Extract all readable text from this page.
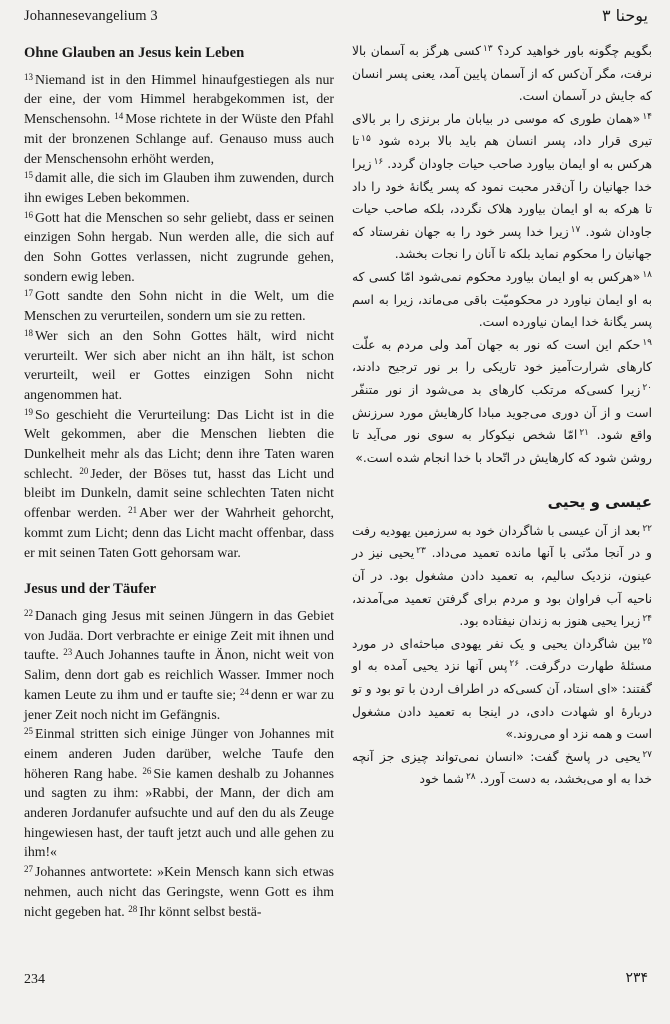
Johannesevangelium 3	یوحنا ۳
Ohne Glauben an Jesus kein Leben

$^{13}$ Niemand ist in den Himmel hinaufgestiegen als nur der eine, der vom Himmel herabgekommen ist, der Menschensohn. $^{14}$ Mose richtete in der Wüste den Pfahl mit der bronzenen Schlange auf. Genauso muss auch der Menschensohn erhöht werden,
$^{15}$ damit alle, die sich im Glauben ihm zuwenden, durch ihn ewiges Leben bekommen.
$^{16}$ Gott hat die Menschen so sehr geliebt, dass er seinen einzigen Sohn hergab. Nun werden alle, die sich auf den Sohn Gottes verlassen, nicht zugrunde gehen, sondern ewig leben.
$^{17}$ Gott sandte den Sohn nicht in die Welt, um die Menschen zu verurteilen, sondern um sie zu retten.
$^{18}$ Wer sich an den Sohn Gottes hält, wird nicht verurteilt. Wer sich aber nicht an ihn hält, ist schon verurteilt, weil er Gottes einzigen Sohn nicht angenommen hat.
$^{19}$ So geschieht die Verurteilung: Das Licht ist in die Welt gekommen, aber die Menschen liebten die Dunkelheit mehr als das Licht; denn ihre Taten waren schlecht. $^{20}$ Jeder, der Böses tut, hasst das Licht und bleibt im Dunkeln, damit seine schlechten Taten nicht offenbar werden. $^{21}$ Aber wer der Wahrheit gehorcht, kommt zum Licht; denn das Licht macht offenbar, dass er mit seinen Taten Gott gehorsam war.

Jesus und der Täufer

$^{22}$ Danach ging Jesus mit seinen Jüngern in das Gebiet von Judäa. Dort verbrachte er einige Zeit mit ihnen und taufte. $^{23}$ Auch Johannes taufte in Änon, nicht weit von Salim, denn dort gab es reichlich Wasser. Immer noch kamen Leute zu ihm und er taufte sie; $^{24}$ denn er war zu jener Zeit noch nicht im Gefängnis.
$^{25}$ Einmal stritten sich einige Jünger von Johannes mit einem anderen Juden darüber, welche Taufe den höheren Rang habe. $^{26}$ Sie kamen deshalb zu Johannes und sagten zu ihm: »Rabbi, der Mann, der dich am anderen Jordanufer aufsuchte und auf den du als Zeuge hingewiesen hast, der tauft jetzt auch und alle gehen zu ihm!«
$^{27}$ Johannes antwortete: »Kein Mensch kann sich etwas nehmen, auch nicht das Geringste, wenn Gott es ihm nicht gegeben hat. $^{28}$ Ihr könnt selbst bestä-

بگویم چگونه باور خواهید کرد؟ $^{۱۳}$کسی هرگز به آسمان بالا نرفت، مگر آن‌کس که از آسمان پایین آمد، یعنی پسر انسان که جایش در آسمان است.
$^{۱۴}$«همان طوری که موسی در بیابان مار برنزی را بر بالای تیری قرار داد، پسر انسان هم باید بالا برده شود $^{۱۵}$تا هرکس به او ایمان بیاورد صاحب حیات جاودان گردد. $^{۱۶}$زیرا خدا جهانیان را آن‌قدر محبت نمود که پسر یگانهٔ خود را داد تا هرکه به او ایمان بیاورد هلاک نگردد، بلکه صاحب حیات جاودان شود. $^{۱۷}$زیرا خدا پسر خود را به جهان نفرستاد که جهانیان را محکوم نماید بلکه تا آنان را نجات بخشد.
$^{۱۸}$«هرکس به او ایمان بیاورد محکوم نمی‌شود امّا کسی که به او ایمان نیاورد در محکومیّت باقی می‌ماند، زیرا به اسم پسر یگانهٔ خدا ایمان نیاورده است.
$^{۱۹}$حکم این است که نور به جهان آمد ولی مردم به علّت کارهای شرارت‌آمیز خود تاریکی را بر نور ترجیح دادند، $^{۲۰}$زیرا کسی‌که مرتکب کارهای بد می‌شود از نور متنفّر است و از آن دوری می‌جوید مبادا کارهایش مورد سرزنش واقع شود. $^{۲۱}$امّا شخص نیکوکار به سوی نور می‌آید تا روشن شود که کارهایش در اتّحاد با خدا انجام شده است.»

عیسی و یحیی

$^{۲۲}$بعد از آن عیسی با شاگردان خود به سرزمین یهودیه رفت و در آنجا مدّتی با آنها مانده تعمید می‌داد. $^{۲۳}$یحیی نیز در عینون، نزدیک سالیم، به تعمید دادن مشغول بود. در آن ناحیه آب فراوان بود و مردم برای گرفتن تعمید می‌آمدند، $^{۲۴}$زیرا یحیی هنوز به زندان نیفتاده بود.
$^{۲۵}$بین شاگردان یحیی و یک نفر یهودی مباحثه‌ای در مورد مسئلهٔ طهارت درگرفت. $^{۲۶}$پس آنها نزد یحیی آمده به او گفتند: «ای استاد، آن کسی‌که در اطراف اردن با تو بود و تو دربارهٔ او شهادت دادی، در اینجا به تعمید دادن مشغول است و همه نزد او می‌روند.»
$^{۲۷}$یحیی در پاسخ گفت: «انسان نمی‌تواند چیزی جز آنچه خدا به او می‌بخشد، به دست آورد. $^{۲۸}$شما خود

234	۲۳۴
